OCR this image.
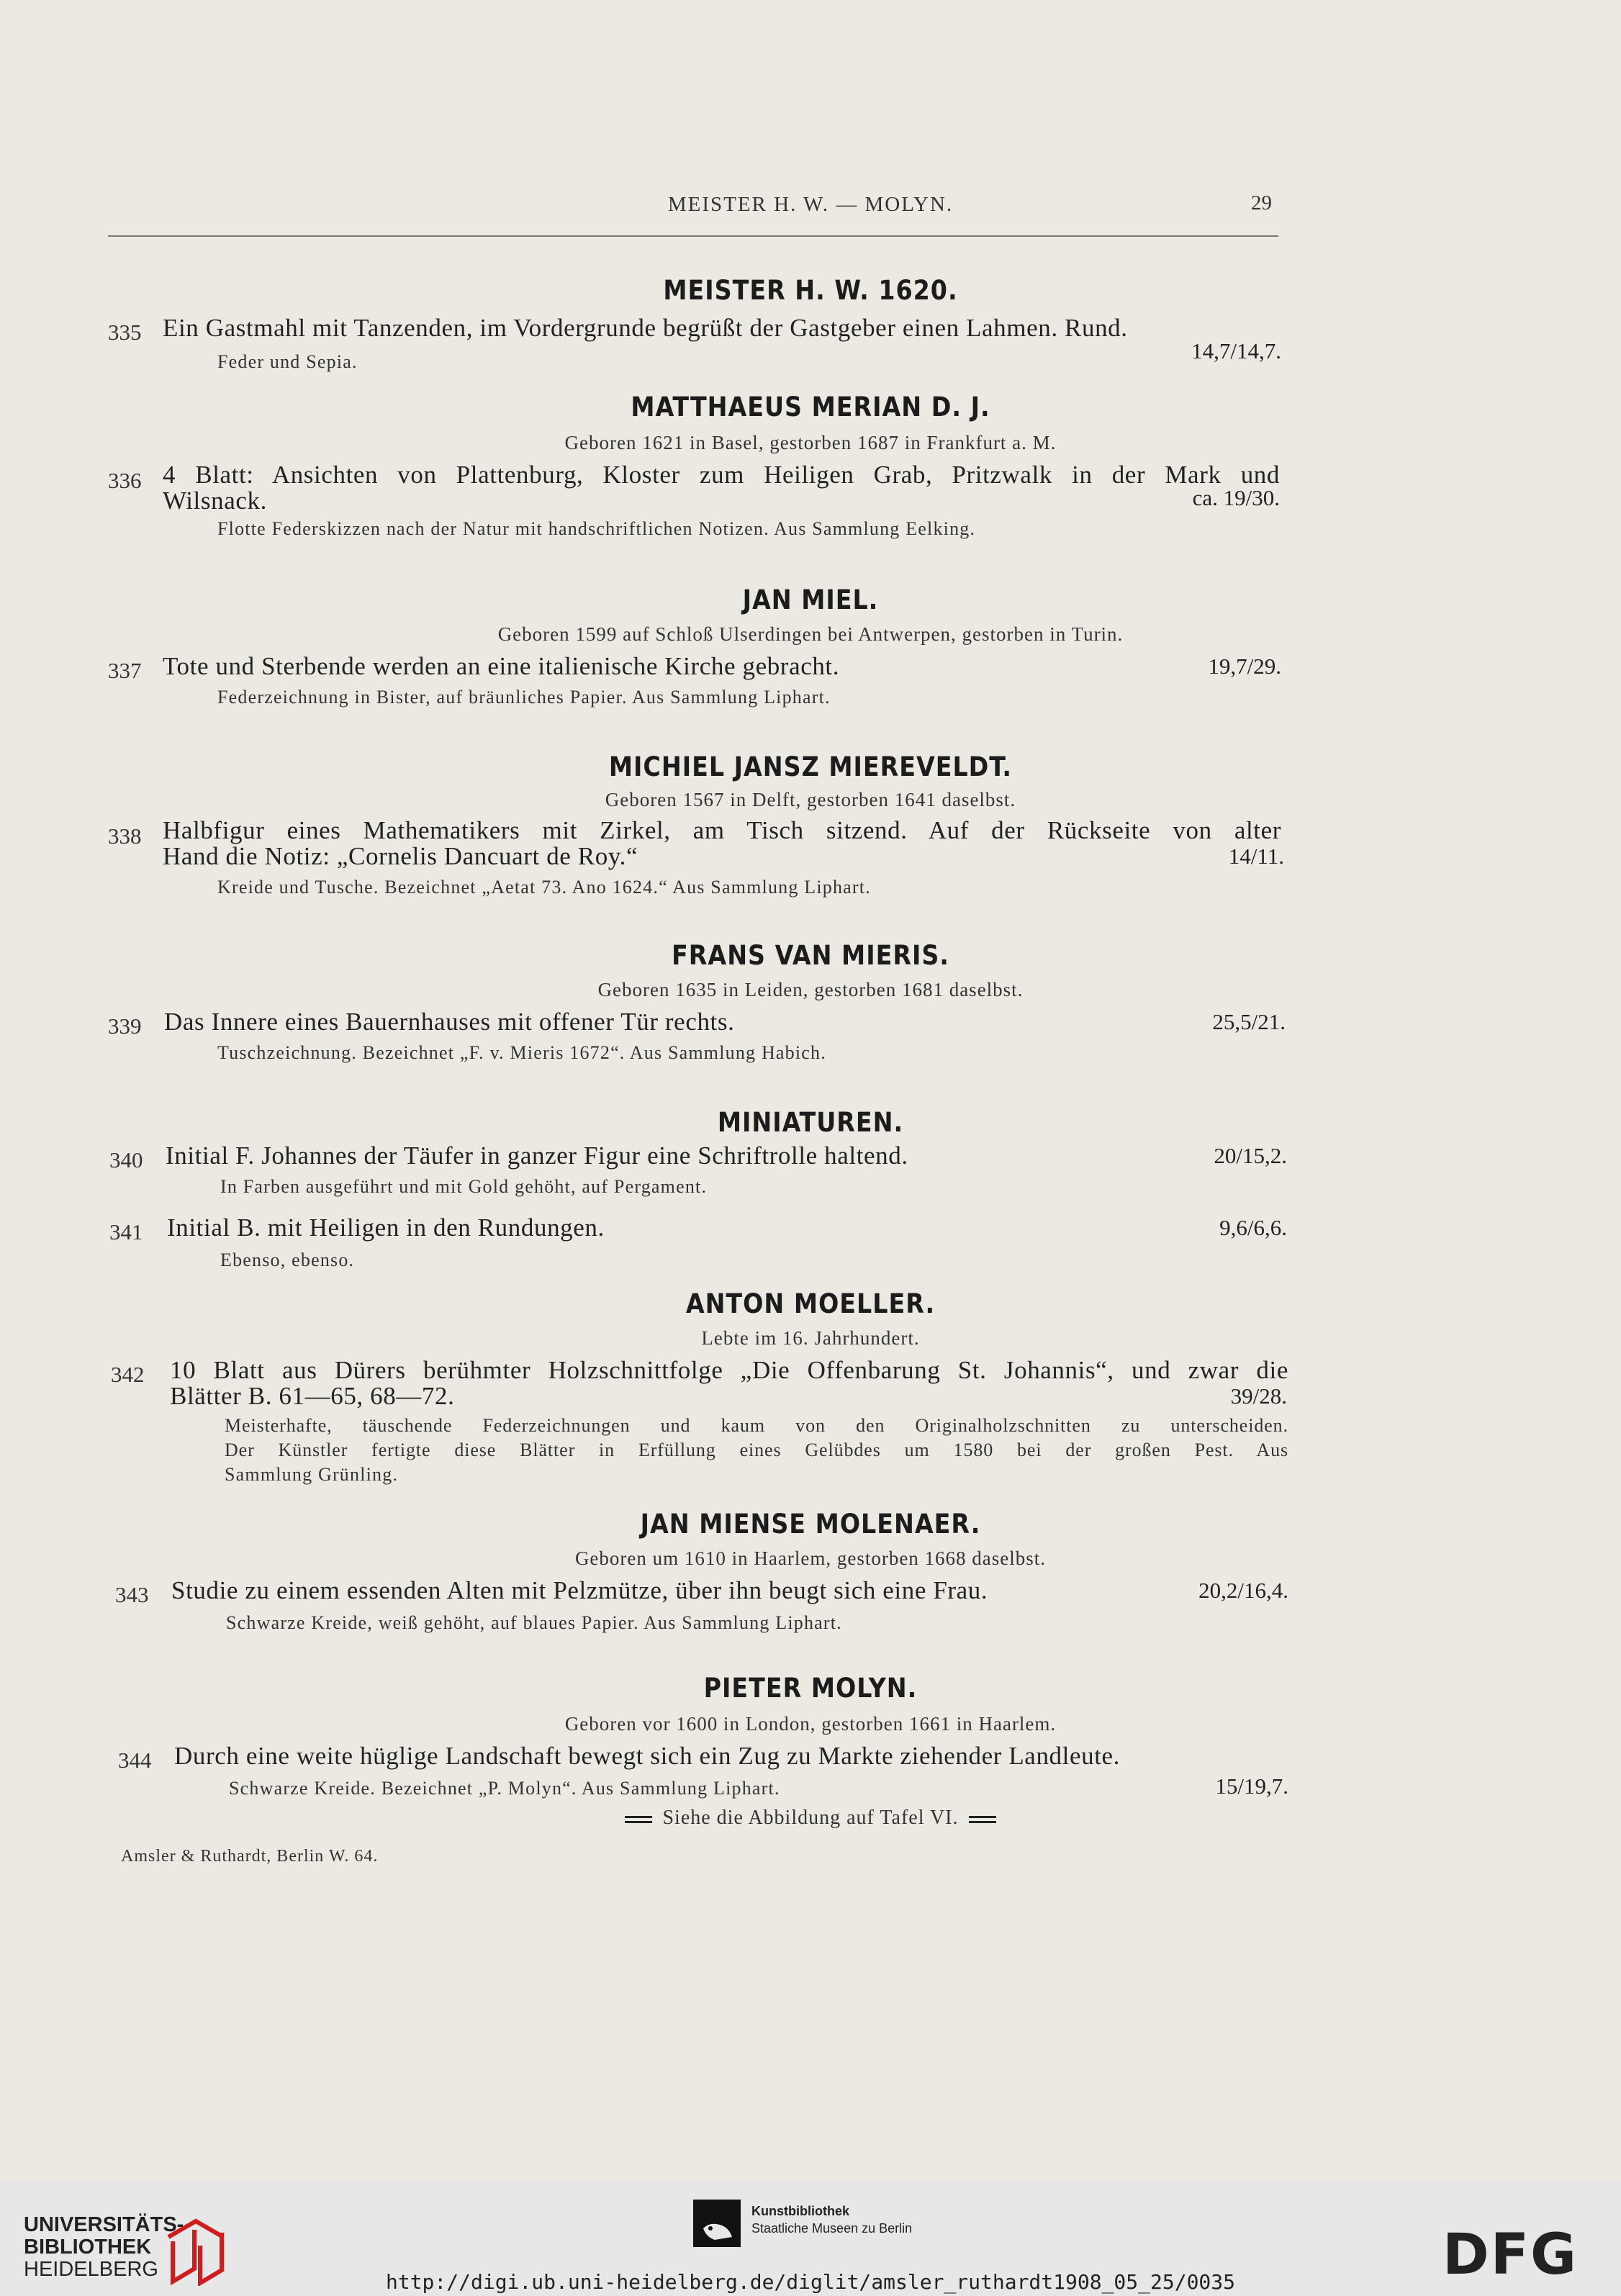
MEISTER H. W. — MOLYN.	29
MEISTER H. W. 1620.
335 Ein Gastmahl mit Tanzenden, im Vordergrunde begrüßt der Gastgeber einen Lahmen. Rund.
Feder und Sepia.	14,7/14,7.
MATTHAEUS MERIAN D. J.
Geboren 1621 in Basel, gestorben 1687 in Frankfurt a. M.
336 4 Blatt: Ansichten von Plattenburg, Kloster zum Heiligen Grab, Pritzwalk in der Mark und
Wilsnack.	ca. 19/30.
Flotte Federskizzen nach der Natur mit handschriftlichen Notizen. Aus Sammlung Eelking.
JAN MIEL.
Geboren 1599 auf Schloß Ulserdingen bei Antwerpen, gestorben in Turin.
337 Tote und Sterbende werden an eine italienische Kirche gebracht.	19,7/29.
Federzeichnung in Bister, auf bräunliches Papier. Aus Sammlung Liphart.
MICHIEL JANSZ MIEREVELDT.
Geboren 1567 in Delft, gestorben 1641 daselbst.
338 Halbfigur eines Mathematikers mit Zirkel, am Tisch sitzend. Auf der Rückseite von alter
Hand die Notiz: „Cornelis Dancuart de Roy.“	14/11.
Kreide und Tusche. Bezeichnet „Aetat 73. Ano 1624.“ Aus Sammlung Liphart.
FRANS VAN MIERIS.
Geboren 1635 in Leiden, gestorben 1681 daselbst.
339 Das Innere eines Bauernhauses mit offener Tür rechts.	25,5/21.
Tuschzeichnung. Bezeichnet „F. v. Mieris 1672“. Aus Sammlung Habich.
MINIATUREN.
340 Initial F. Johannes der Täufer in ganzer Figur eine Schriftrolle haltend.	20/15,2.
In Farben ausgeführt und mit Gold gehöht, auf Pergament.
341 Initial B. mit Heiligen in den Rundungen.	9,6/6,6.
Ebenso, ebenso.
ANTON MOELLER.
Lebte im 16. Jahrhundert.
342 10 Blatt aus Dürers berühmter Holzschnittfolge „Die Offenbarung St. Johannis“, und zwar die
Blätter B. 61—65, 68—72.	39/28.
Meisterhafte, täuschende Federzeichnungen und kaum von den Originalholzschnitten zu unterscheiden.
Der Künstler fertigte diese Blätter in Erfüllung eines Gelübdes um 1580 bei der großen Pest. Aus
Sammlung Grünling.
JAN MIENSE MOLENAER.
Geboren um 1610 in Haarlem, gestorben 1668 daselbst.
343 Studie zu einem essenden Alten mit Pelzmütze, über ihn beugt sich eine Frau.	20,2/16,4.
Schwarze Kreide, weiß gehöht, auf blaues Papier. Aus Sammlung Liphart.
PIETER MOLYN.
Geboren vor 1600 in London, gestorben 1661 in Haarlem.
344 Durch eine weite hüglige Landschaft bewegt sich ein Zug zu Markte ziehender Landleute.
Schwarze Kreide. Bezeichnet „P. Molyn“. Aus Sammlung Liphart.	15/19,7.
Siehe die Abbildung auf Tafel VI.
Amsler & Ruthardt, Berlin W. 64.
UNIVERSITÄTS-
BIBLIOTHEK
HEIDELBERG
Kunstbibliothek
Staatliche Museen zu Berlin	DFG
http://digi.ub.uni-heidelberg.de/diglit/amsler_ruthardt1908_05_25/0035
